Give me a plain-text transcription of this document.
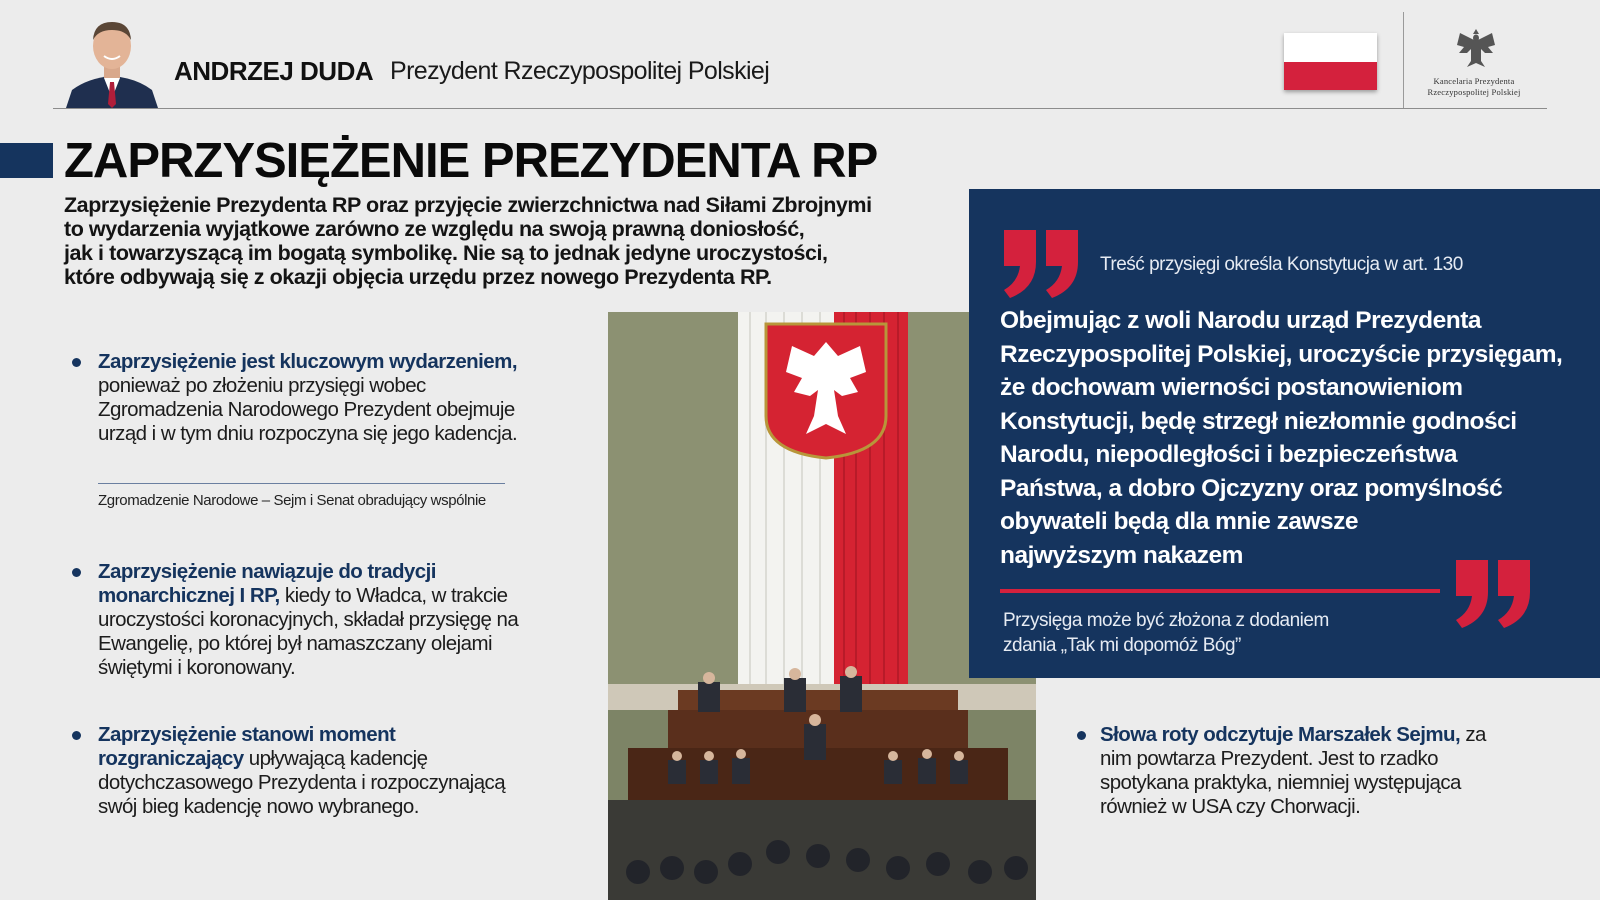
ANDRZEJ DUDA Prezydent Rzeczypospolitej Polskiej	Kancelaria Prezydenta
Rzeczypospolitej Polskiej
ZAPRZYSIĘŻENIE PREZYDENTA RP
Zaprzysiężenie Prezydenta RP oraz przyjęcie zwierzchnictwa nad Siłami Zbrojnymi
to wydarzenia wyjątkowe zarówno ze względu na swoją prawną doniosłość,
jak i towarzyszącą im bogatą symbolikę. Nie są to jednak jedyne uroczystości,
które odbywają się z okazji objęcia urzędu przez nowego Prezydenta RP.
Zaprzysiężenie jest kluczowym wydarzeniem, ponieważ po złożeniu przysięgi wobec Zgromadzenia Narodowego Prezydent obejmuje urząd i w tym dniu rozpoczyna się jego kadencja.
Zgromadzenie Narodowe – Sejm i Senat obradujący wspólnie
Zaprzysiężenie nawiązuje do tradycji monarchicznej I RP, kiedy to Władca, w trakcie uroczystości koronacyjnych, składał przysięgę na Ewangelię, po której był namaszczany olejami świętymi i koronowany.
Zaprzysiężenie stanowi moment rozgraniczający upływającą kadencję dotychczasowego Prezydenta i rozpoczynającą swój bieg kadencję nowo wybranego.
Treść przysięgi określa Konstytucja w art. 130
Obejmując z woli Narodu urząd Prezydenta
Rzeczypospolitej Polskiej, uroczyście przysięgam,
że dochowam wierności postanowieniom
Konstytucji, będę strzegł niezłomnie godności
Narodu, niepodległości i bezpieczeństwa
Państwa, a dobro Ojczyzny oraz pomyślność
obywateli będą dla mnie zawsze
najwyższym nakazem
Przysięga może być złożona z dodaniem
zdania „Tak mi dopomóż Bóg”
Słowa roty odczytuje Marszałek Sejmu, za nim powtarza Prezydent. Jest to rzadko spotykana praktyka, niemniej występująca również w USA czy Chorwacji.
